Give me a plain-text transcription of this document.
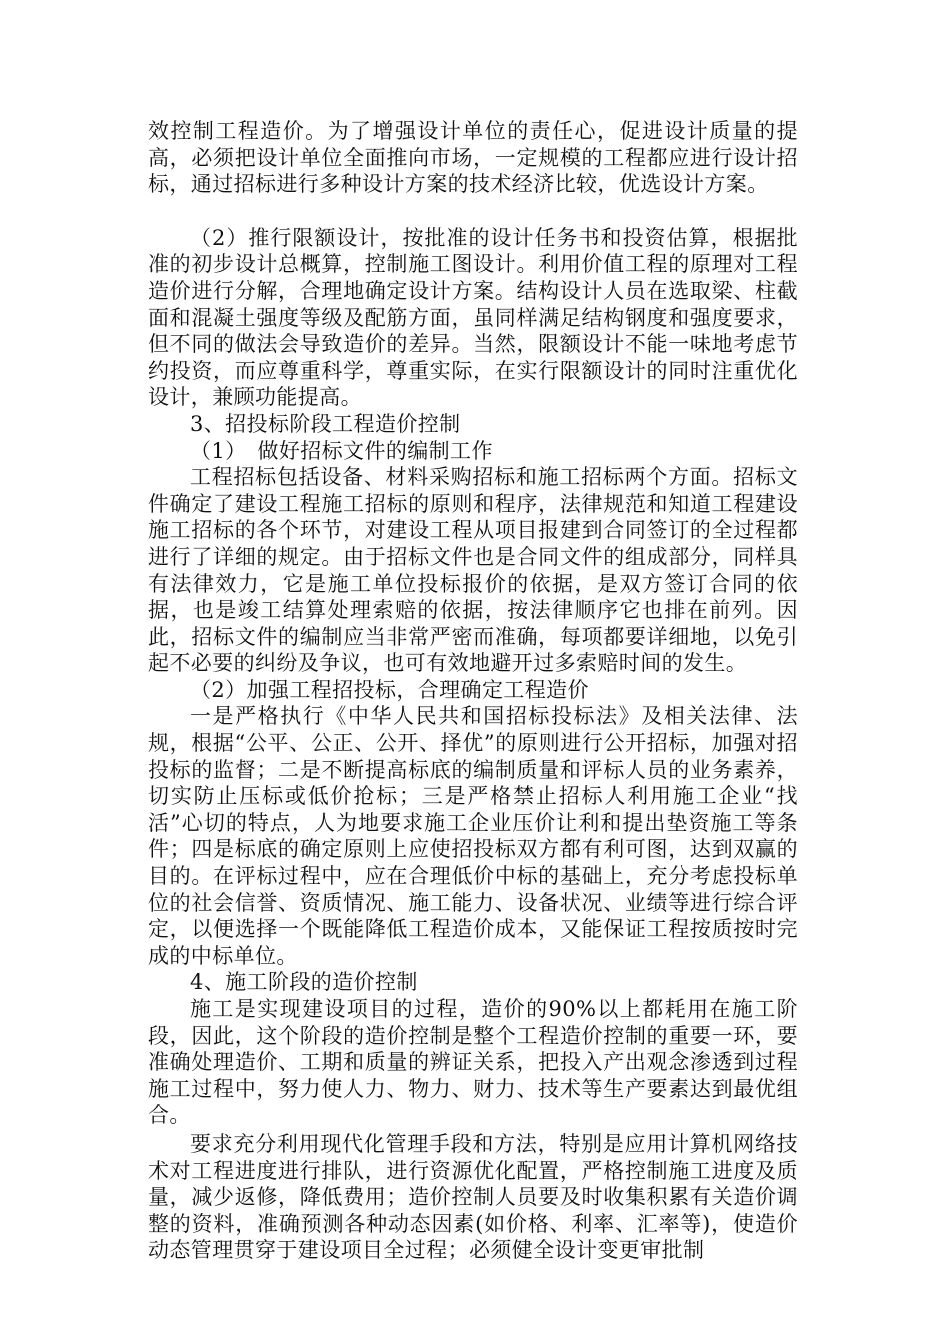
效控制工程造价。为了增强设计单位的责任心，促进设计质量的提高，必须把设计单位全面推向市场，一定规模的工程都应进行设计招标，通过招标进行多种设计方案的技术经济比较，优选设计方案。

（2）推行限额设计，按批准的设计任务书和投资估算，根据批准的初步设计总概算，控制施工图设计。利用价值工程的原理对工程造价进行分解，合理地确定设计方案。结构设计人员在选取梁、柱截面和混凝土强度等级及配筋方面，虽同样满足结构钢度和强度要求，但不同的做法会导致造价的差异。当然，限额设计不能一味地考虑节约投资，而应尊重科学，尊重实际，在实行限额设计的同时注重优化设计，兼顾功能提高。

3、招投标阶段工程造价控制

（1）　做好招标文件的编制工作

工程招标包括设备、材料采购招标和施工招标两个方面。招标文件确定了建设工程施工招标的原则和程序，法律规范和知道工程建设施工招标的各个环节，对建设工程从项目报建到合同签订的全过程都进行了详细的规定。由于招标文件也是合同文件的组成部分，同样具有法律效力，它是施工单位投标报价的依据，是双方签订合同的依据，也是竣工结算处理索赔的依据，按法律顺序它也排在前列。因此，招标文件的编制应当非常严密而准确，每项都要详细地，以免引起不必要的纠纷及争议，也可有效地避开过多索赔时间的发生。

（2）加强工程招投标，合理确定工程造价

一是严格执行《中华人民共和国招标投标法》及相关法律、法规，根据“公平、公正、公开、择优”的原则进行公开招标，加强对招投标的监督；二是不断提高标底的编制质量和评标人员的业务素养，切实防止压标或低价抢标；三是严格禁止招标人利用施工企业“找活”心切的特点，人为地要求施工企业压价让利和提出垫资施工等条件；四是标底的确定原则上应使招投标双方都有利可图，达到双赢的目的。在评标过程中，应在合理低价中标的基础上，充分考虑投标单位的社会信誉、资质情况、施工能力、设备状况、业绩等进行综合评定，以便选择一个既能降低工程造价成本，又能保证工程按质按时完成的中标单位。

4、施工阶段的造价控制

施工是实现建设项目的过程，造价的90%以上都耗用在施工阶段，因此，这个阶段的造价控制是整个工程造价控制的重要一环，要准确处理造价、工期和质量的辨证关系，把投入产出观念渗透到过程施工过程中，努力使人力、物力、财力、技术等生产要素达到最优组合。

要求充分利用现代化管理手段和方法，特别是应用计算机网络技术对工程进度进行排队，进行资源优化配置，严格控制施工进度及质量，减少返修，降低费用；造价控制人员要及时收集积累有关造价调整的资料，准确预测各种动态因素(如价格、利率、汇率等)，使造价动态管理贯穿于建设项目全过程；必须健全设计变更审批制
